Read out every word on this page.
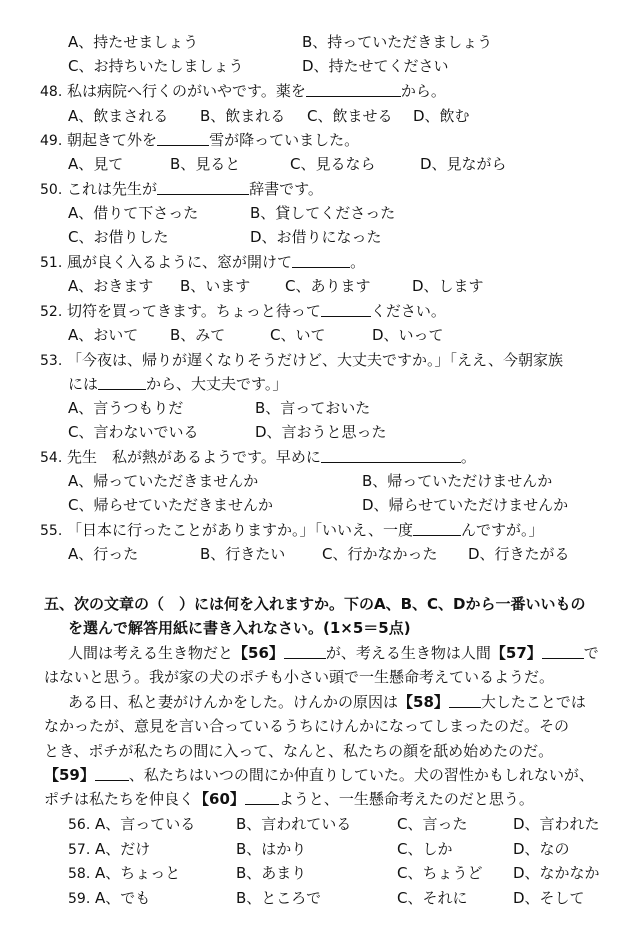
A、持たせましょう	B、持っていただきましょう
C、お持ちいたしましょう	D、持たせてください
48. 私は病院へ行くのがいやです。薬を	から。
A、飲まされる B、飲まれる C、飲ませる D、飲む
49. 朝起きて外を	雪が降っていました。
A、見て	B、見ると	C、見るなら	D、見ながら
50. これは先生が	辞書です。
A、借りて下さった	B、貸してくださった
C、お借りした	D、お借りになった
51. 風が良く入るように、窓が開けて	。
A、おきます B、います C、あります	D、します
52. 切符を買ってきます。ちょっと待って	ください。
A、おいて B、みて	C、いて	D、いって
53. 「今夜は、帰りが遅くなりそうだけど、大丈夫ですか。」「ええ、今朝家族
には	から、大丈夫です。」
A、言うつもりだ	B、言っておいた
C、言わないでいる	D、言おうと思った
54. 先生　私が熱があるようです。早めに	。
A、帰っていただきませんか	B、帰っていただけませんか
C、帰らせていただきませんか	D、帰らせていただけませんか
55. 「日本に行ったことがありますか。」「いいえ、一度	んですが。」
A、行った	B、行きたい C、行かなかった D、行きたがる
五、次の文章の（　）には何を入れますか。下のA、B、C、Dから一番いいもの
を選んで解答用紙に書き入れなさい。(1×5＝5点)
人間は考える生き物だと【56】	が、考える生き物は人間【57】	で
はないと思う。我が家の犬のポチも小さい頭で一生懸命考えているようだ。
ある日、私と妻がけんかをした。けんかの原因は【58】 大したことでは
なかったが、意見を言い合っているうちにけんかになってしまったのだ。その
とき、ポチが私たちの間に入って、なんと、私たちの顔を舐め始めたのだ。
【59】 、私たちはいつの間にか仲直りしていた。犬の習性かもしれないが、
ポチは私たちを仲良く【60】 ようと、一生懸命考えたのだと思う。
56. A、言っている	B、言われている	C、言った	D、言われた
57. A、だけ	B、はかり	C、しか	D、なの
58. A、ちょっと	B、あまり	C、ちょうど D、なかなか
59. A、でも	B、ところで	C、それに	D、そして
